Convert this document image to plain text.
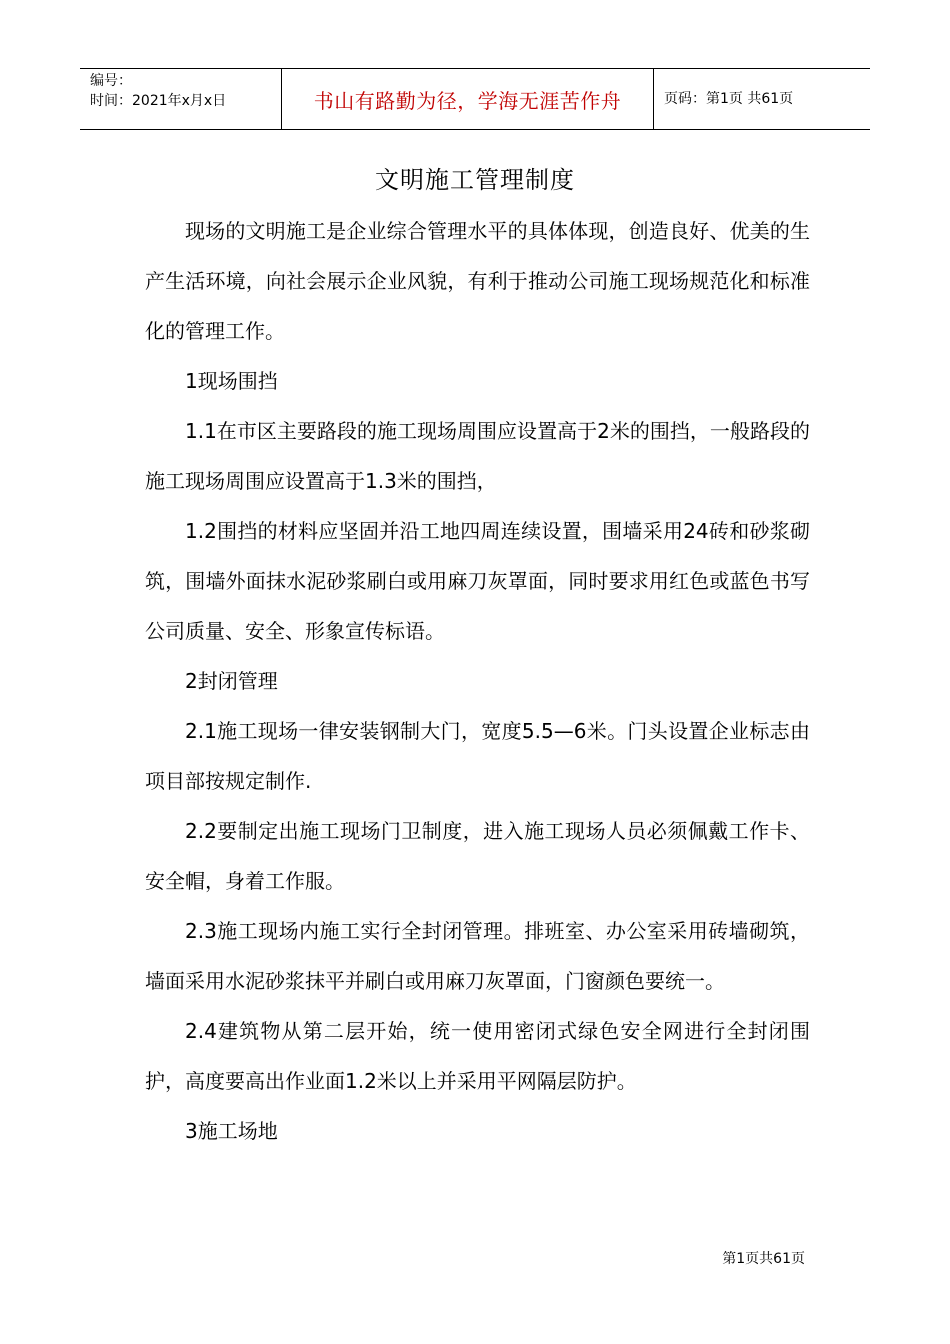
编号：
时间：2021年x月x日	书山有路勤为径，学海无涯苦作舟	页码：第1页 共61页
文明施工管理制度

现场的文明施工是企业综合管理水平的具体体现，创造良好、优美的生产生活环境，向社会展示企业风貌，有利于推动公司施工现场规范化和标准化的管理工作。

1现场围挡

1.1在市区主要路段的施工现场周围应设置高于2米的围挡，一般路段的施工现场周围应设置高于1.3米的围挡，

1.2围挡的材料应坚固并沿工地四周连续设置，围墙采用24砖和砂浆砌筑，围墙外面抹水泥砂浆刷白或用麻刀灰罩面，同时要求用红色或蓝色书写公司质量、安全、形象宣传标语。

2封闭管理

2.1施工现场一律安装钢制大门，宽度5.5—6米。门头设置企业标志由项目部按规定制作.

2.2要制定出施工现场门卫制度，进入施工现场人员必须佩戴工作卡、安全帽，身着工作服。

2.3施工现场内施工实行全封闭管理。排班室、办公室采用砖墙砌筑，墙面采用水泥砂浆抹平并刷白或用麻刀灰罩面，门窗颜色要统一。

2.4建筑物从第二层开始，统一使用密闭式绿色安全网进行全封闭围护，高度要高出作业面1.2米以上并采用平网隔层防护。

3施工场地

第1页共61页
